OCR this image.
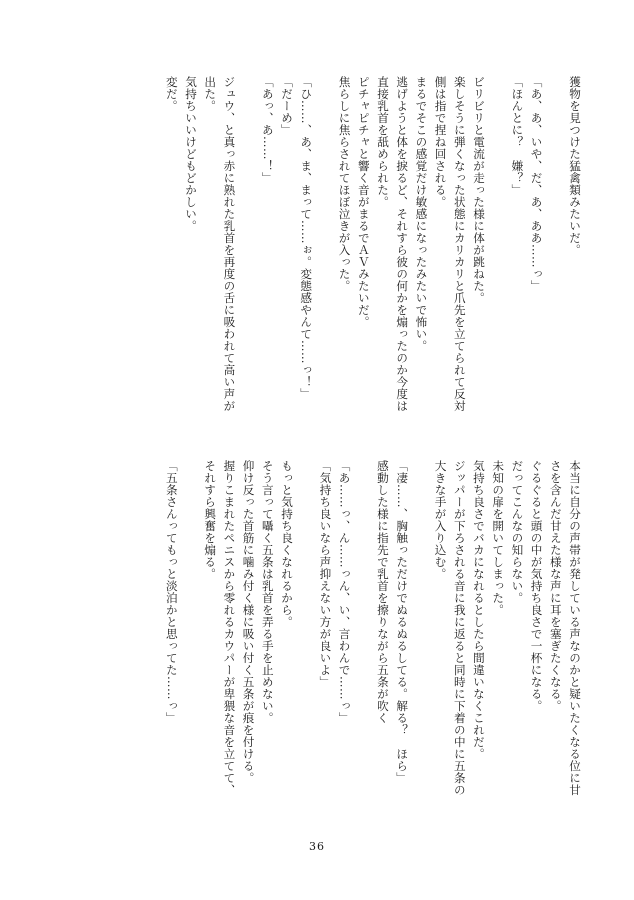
獲物を見つけた猛禽類みたいだ。

「あ、あ、いや、だ、あ、ああ……っ」

「ほんとに？　嫌？」

ビリビリと電流が走った様に体が跳ねた。

楽しそうに弾くなった状態にカリカリと爪先を立てられて反対

側は指で捏ね回される。

まるでそこの感覚だけ敏感になったみたいで怖い。

逃げようと体を捩るど、それすら彼の何かを煽ったのか今度は

直接乳首を舐められた。

ピチャピチャと響く音がまるでＡＶみたいだ。

焦らしに焦らされてほぼ泣きが入った。

「ひ……、あ、ま、まって……ぉ。変態感やんて……っ！」

「だーめ」

「あっ、あ……！」

ジュウ、と真っ赤に熟れた乳首を再度の舌に吸われて高い声が

出た。

気持ちいいけどもどかしい。

変だ。

本当に自分の声帯が発している声なのかと疑いたくなる位に甘

さを含んだ甘えた様な声に耳を塞ぎたくなる。

ぐるぐると頭の中が気持ち良さで一杯になる。

だってこんなの知らない。

未知の扉を開いてしまった。

気持ち良さでバカになれるとしたら間違いなくこれだ。

ジッパーが下ろされる音に我に返ると同時に下着の中に五条の

大きな手が入り込む。

「凄……、胸触っただけでぬるぬるしてる。解る？　ほら」

感動した様に指先で乳首を擦りながら五条が吹く

「あ……っ、ん……っん、い、言わんで……っ」

「気持ち良いなら声抑えない方が良いよ」

もっと気持ち良くなれるから。

そう言って囁く五条は乳首を弄る手を止めない。

仰け反った首筋に噛み付く様に吸い付く五条が痕を付ける。

握りこまれたペニスから零れるカウパーが卑猥な音を立てて、

それすら興奮を煽る。

「五条さんってもっと淡泊かと思ってた……っ」

36
